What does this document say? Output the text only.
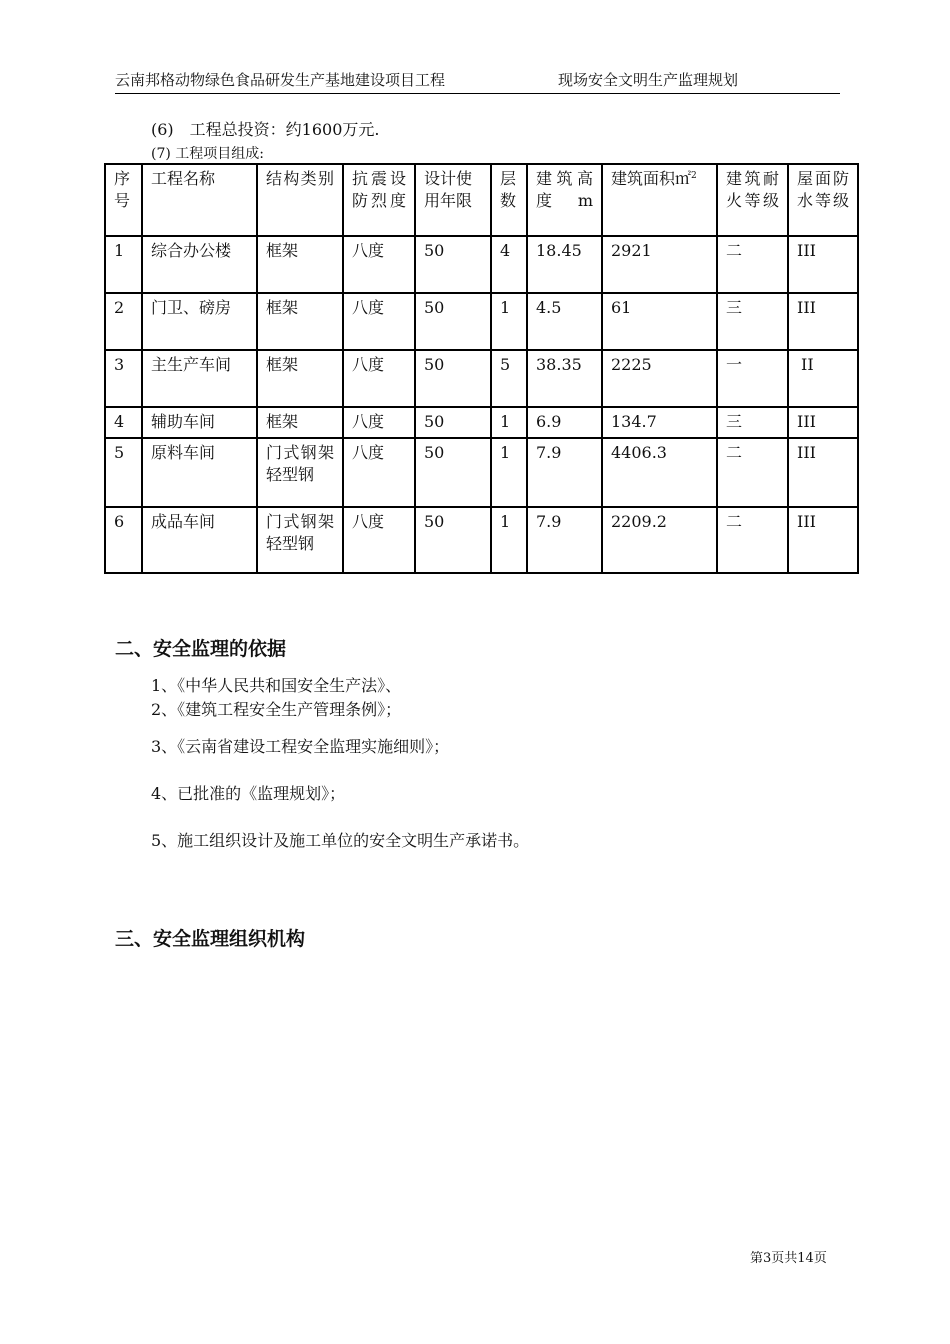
云南邦格动物绿色食品研发生产基地建设项目工程	现场安全文明生产监理规划
(6)　工程总投资：约1600万元.
(7) 工程项目组成:
序号	工程名称	结构类别	抗震设防烈度	设计使用年限	层数	建筑高度m	建筑面积㎡$^2$	建筑耐火等级	屋面防水等级
1	综合办公楼	框架	八度	50	4	18.45	2921	二	III
2	门卫、磅房	框架	八度	50	1	4.5	61	三	III
3	主生产车间	框架	八度	50	5	38.35	2225	一	II
4	辅助车间	框架	八度	50	1	6.9	134.7	三	III
5	原料车间	门式钢架轻型钢	八度	50	1	7.9	4406.3	二	III
6	成品车间	门式钢架轻型钢	八度	50	1	7.9	2209.2	二	III
二、安全监理的依据
1、《中华人民共和国安全生产法》、
2、《建筑工程安全生产管理条例》；
3、《云南省建设工程安全监理实施细则》；
4、已批准的《监理规划》；
5、施工组织设计及施工单位的安全文明生产承诺书。
三、安全监理组织机构
第3页共14页
